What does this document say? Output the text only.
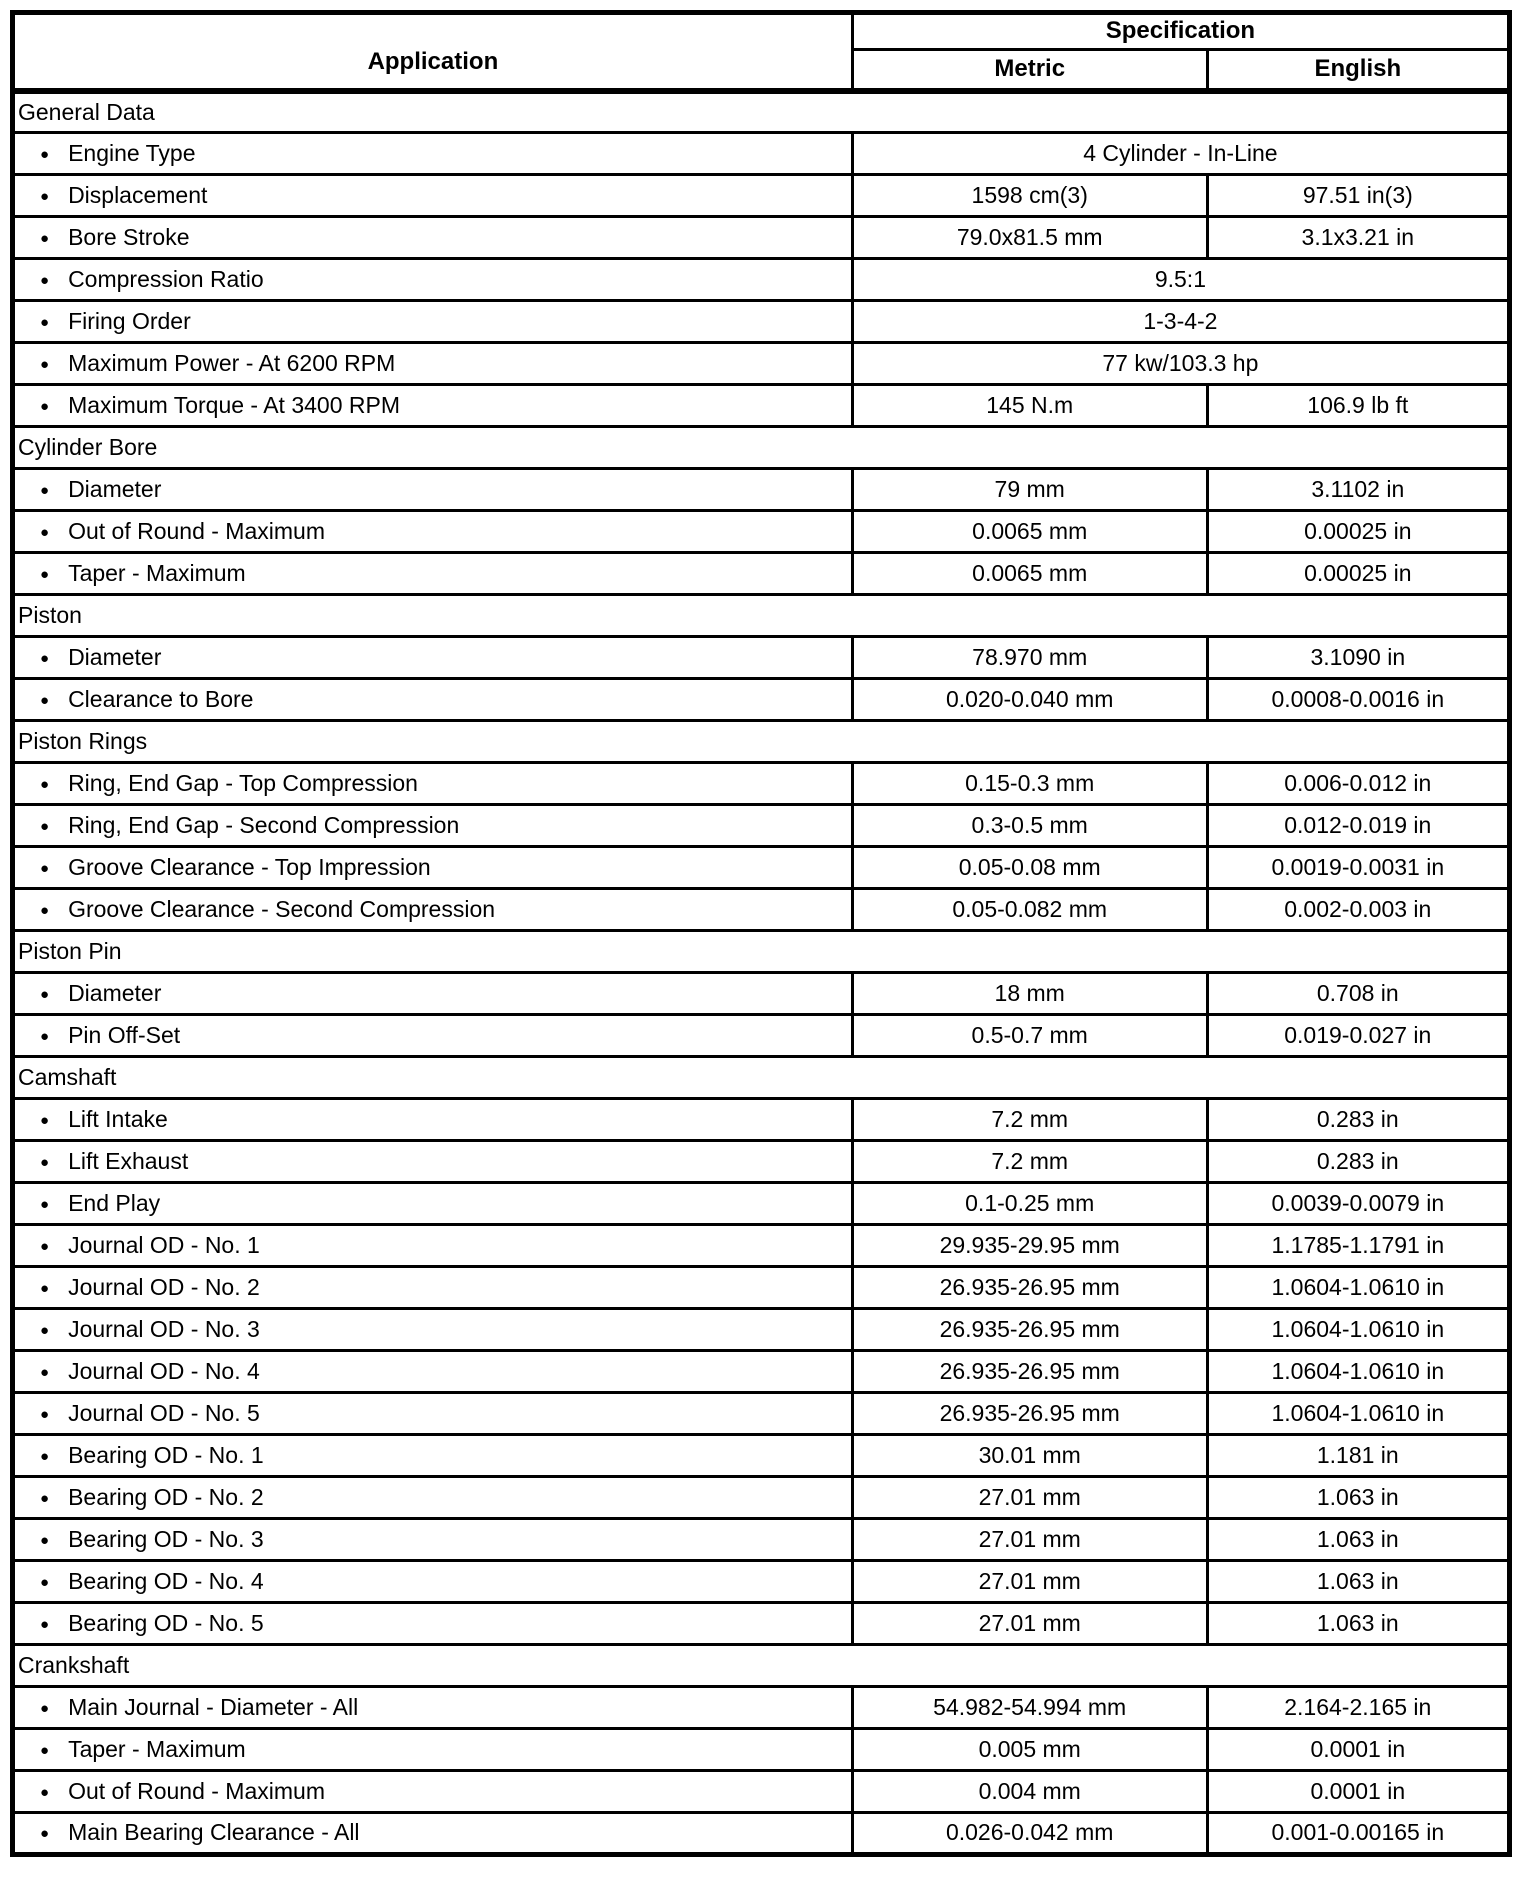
Application	Specification	
	Metric	English
General Data		
● Engine Type	4 Cylinder - In-Line	
● Displacement	1598 cm(3)	97.51 in(3)
● Bore Stroke	79.0x81.5 mm	3.1x3.21 in
● Compression Ratio	9.5:1	
● Firing Order	1-3-4-2	
● Maximum Power - At 6200 RPM	77 kw/103.3 hp	
● Maximum Torque - At 3400 RPM	145 N.m	106.9 lb ft
Cylinder Bore		
● Diameter	79 mm	3.1102 in
● Out of Round - Maximum	0.0065 mm	0.00025 in
● Taper - Maximum	0.0065 mm	0.00025 in
Piston		
● Diameter	78.970 mm	3.1090 in
● Clearance to Bore	0.020-0.040 mm	0.0008-0.0016 in
Piston Rings		
● Ring, End Gap - Top Compression	0.15-0.3 mm	0.006-0.012 in
● Ring, End Gap - Second Compression	0.3-0.5 mm	0.012-0.019 in
● Groove Clearance - Top Impression	0.05-0.08 mm	0.0019-0.0031 in
● Groove Clearance - Second Compression	0.05-0.082 mm	0.002-0.003 in
Piston Pin		
● Diameter	18 mm	0.708 in
● Pin Off-Set	0.5-0.7 mm	0.019-0.027 in
Camshaft		
● Lift Intake	7.2 mm	0.283 in
● Lift Exhaust	7.2 mm	0.283 in
● End Play	0.1-0.25 mm	0.0039-0.0079 in
● Journal OD - No. 1	29.935-29.95 mm	1.1785-1.1791 in
● Journal OD - No. 2	26.935-26.95 mm	1.0604-1.0610 in
● Journal OD - No. 3	26.935-26.95 mm	1.0604-1.0610 in
● Journal OD - No. 4	26.935-26.95 mm	1.0604-1.0610 in
● Journal OD - No. 5	26.935-26.95 mm	1.0604-1.0610 in
● Bearing OD - No. 1	30.01 mm	1.181 in
● Bearing OD - No. 2	27.01 mm	1.063 in
● Bearing OD - No. 3	27.01 mm	1.063 in
● Bearing OD - No. 4	27.01 mm	1.063 in
● Bearing OD - No. 5	27.01 mm	1.063 in
Crankshaft		
● Main Journal - Diameter - All	54.982-54.994 mm	2.164-2.165 in
● Taper - Maximum	0.005 mm	0.0001 in
● Out of Round - Maximum	0.004 mm	0.0001 in
● Main Bearing Clearance - All	0.026-0.042 mm	0.001-0.00165 in
